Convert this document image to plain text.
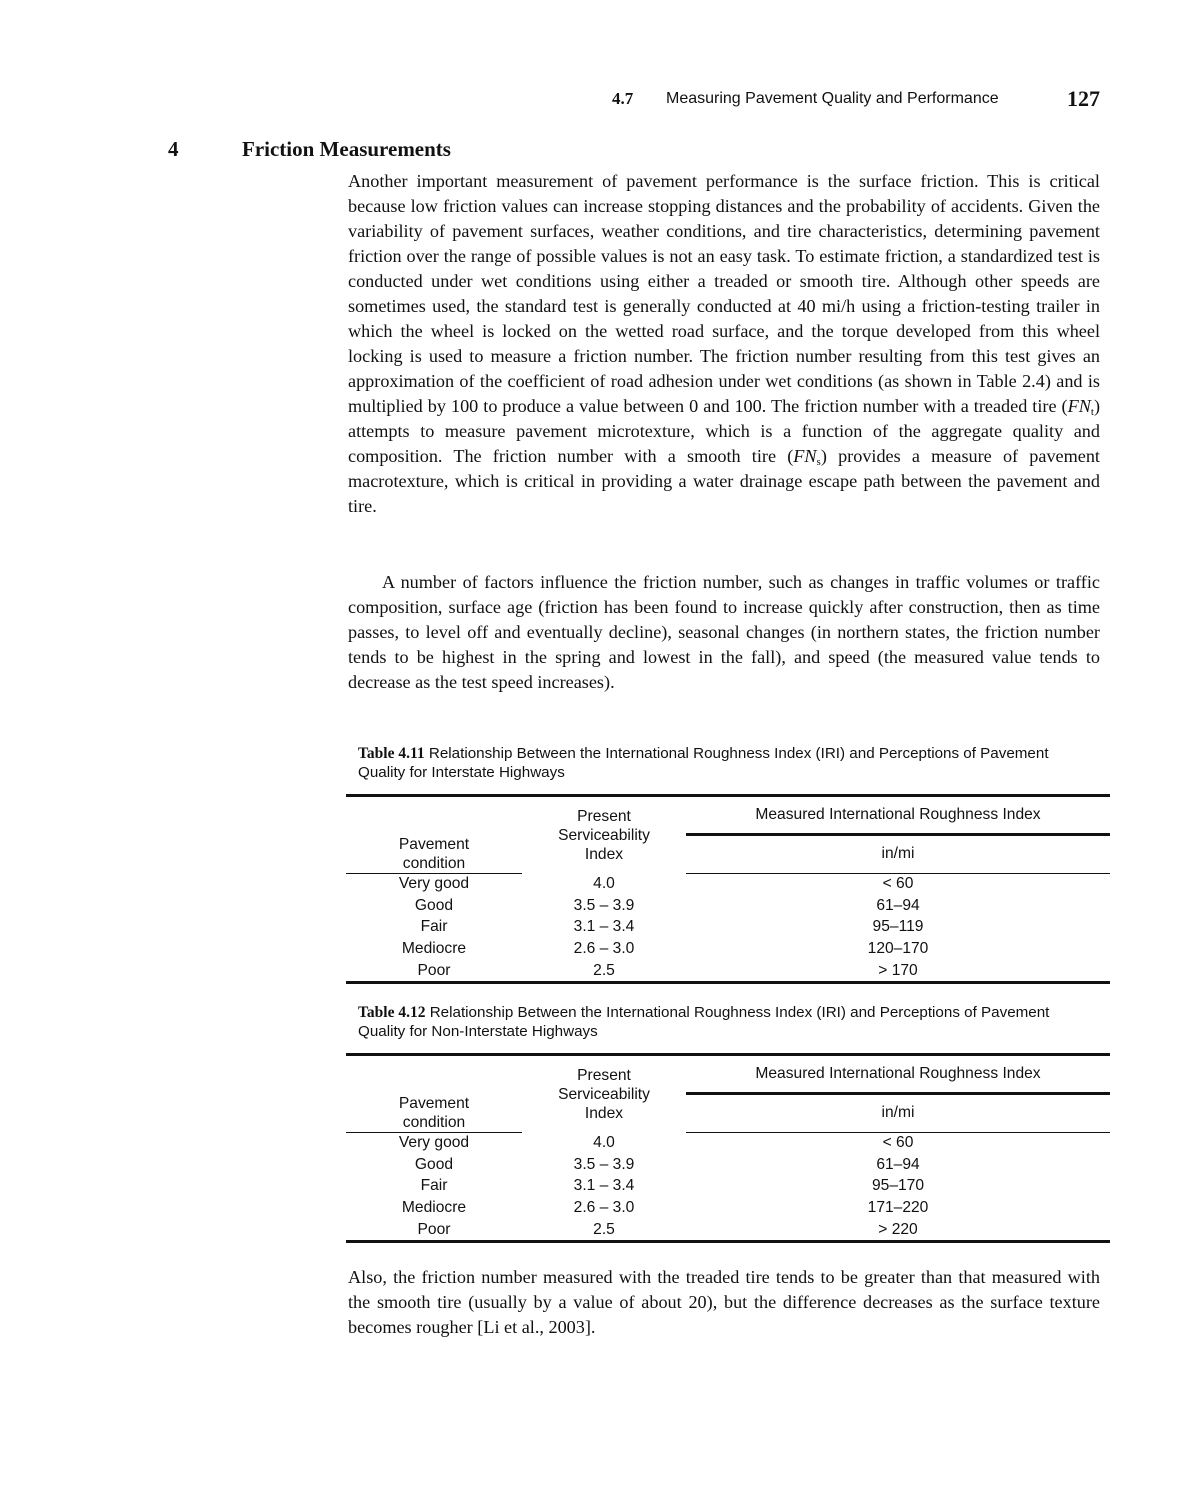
4.7 Measuring Pavement Quality and Performance	127
4	Friction Measurements

Another important measurement of pavement performance is the surface friction. This is critical because low friction values can increase stopping distances and the probability of accidents. Given the variability of pavement surfaces, weather conditions, and tire characteristics, determining pavement friction over the range of possible values is not an easy task. To estimate friction, a standardized test is conducted under wet conditions using either a treaded or smooth tire. Although other speeds are sometimes used, the standard test is generally conducted at 40 mi/h using a friction-testing trailer in which the wheel is locked on the wetted road surface, and the torque developed from this wheel locking is used to measure a friction number. The friction number resulting from this test gives an approximation of the coefficient of road adhesion under wet conditions (as shown in Table 2.4) and is multiplied by 100 to produce a value between 0 and 100. The friction number with a treaded tire $(FN_t)$ attempts to measure pavement microtexture, which is a function of the aggregate quality and composition. The friction number with a smooth tire $(FN_s)$ provides a measure of pavement macrotexture, which is critical in providing a water drainage escape path between the pavement and tire.

A number of factors influence the friction number, such as changes in traffic volumes or traffic composition, surface age (friction has been found to increase quickly after construction, then as time passes, to level off and eventually decline), seasonal changes (in northern states, the friction number tends to be highest in the spring and lowest in the fall), and speed (the measured value tends to decrease as the test speed increases).

Table 4.11 Relationship Between the International Roughness Index (IRI) and Perceptions of Pavement Quality for Interstate Highways

	Present
Serviceability
Index	Measured International Roughness Index
Pavement
condition		in/mi
Very good	4.0	< 60
Good	3.5 – 3.9	61–94
Fair	3.1 – 3.4	95–119
Mediocre	2.6 – 3.0	120–170
Poor	2.5	> 170

Table 4.12 Relationship Between the International Roughness Index (IRI) and Perceptions of Pavement Quality for Non-Interstate Highways

	Present
Serviceability
Index	Measured International Roughness Index
Pavement
condition		in/mi
Very good	4.0	< 60
Good	3.5 – 3.9	61–94
Fair	3.1 – 3.4	95–170
Mediocre	2.6 – 3.0	171–220
Poor	2.5	> 220

Also, the friction number measured with the treaded tire tends to be greater than that measured with the smooth tire (usually by a value of about 20), but the difference decreases as the surface texture becomes rougher [Li et al., 2003].
